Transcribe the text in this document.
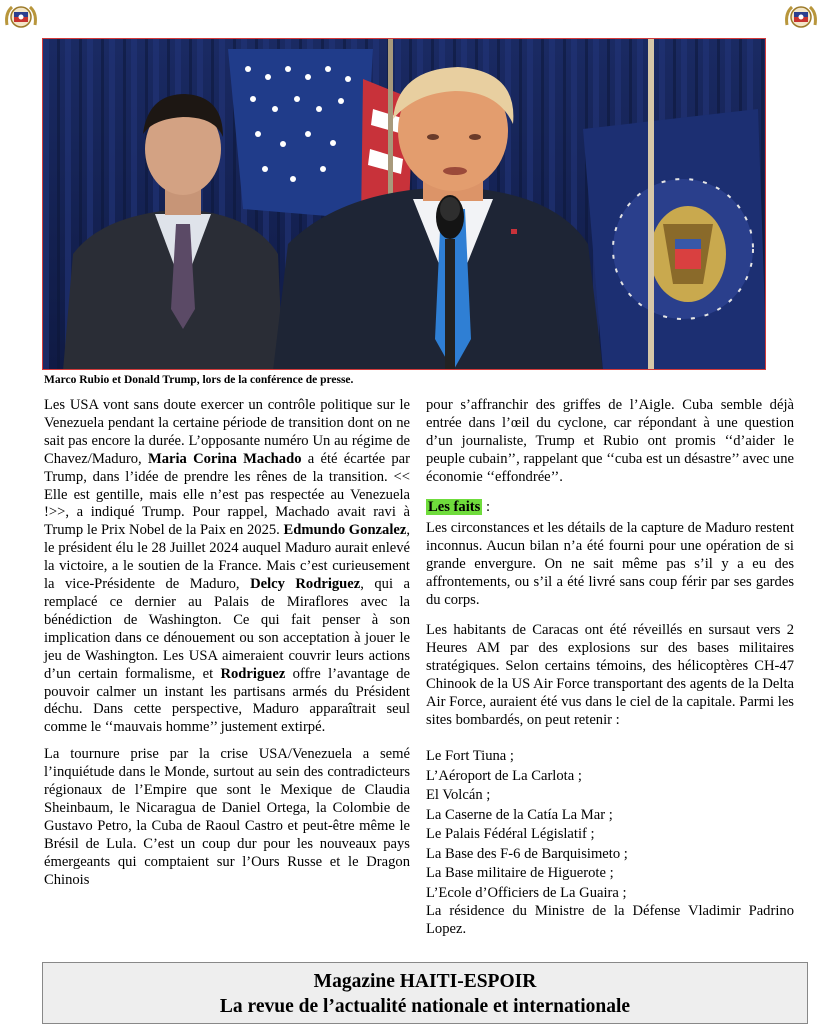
Marco Rubio et Donald Trump, lors de la conférence de presse.

Les USA vont sans doute exercer un contrôle politique sur le Venezuela pendant la certaine période de transition dont on ne sait pas encore la durée. L’opposante numéro Un au régime de Chavez/Maduro, Maria Corina Machado a été écartée par Trump, dans l’idée de prendre les rênes de la transition. << Elle est gentille, mais elle n’est pas respectée au Venezuela !>>, a indiqué Trump. Pour rappel, Machado avait ravi à Trump le Prix Nobel de la Paix en 2025. Edmundo Gonzalez, le président élu le 28 Juillet 2024 auquel Maduro aurait enlevé la victoire, a le soutien de la France. Mais c’est curieusement la vice-Présidente de Maduro, Delcy Rodriguez, qui a remplacé ce dernier au Palais de Miraflores avec la bénédiction de Washington. Ce qui fait penser à son implication dans ce dénouement ou son acceptation à jouer le jeu de Washington. Les USA aimeraient couvrir leurs actions d’un certain formalisme, et Rodriguez offre l’avantage de pouvoir calmer un instant les partisans armés du Président déchu. Dans cette perspective, Maduro apparaîtrait seul comme le ‘‘mauvais homme’’ justement extirpé.

La tournure prise par la crise USA/Venezuela a semé l’inquiétude dans le Monde, surtout au sein des contradicteurs régionaux de l’Empire que sont le Mexique de Claudia Sheinbaum, le Nicaragua de Daniel Ortega, la Colombie de Gustavo Petro, la Cuba de Raoul Castro et peut-être même le Brésil de Lula. C’est un coup dur pour les nouveaux pays émergeants qui comptaient sur l’Ours Russe et le Dragon Chinois

pour s’affranchir des griffes de l’Aigle. Cuba semble déjà entrée dans l’œil du cyclone, car répondant à une question d’un journaliste, Trump et Rubio ont promis ‘‘d’aider le peuple cubain’’, rappelant que ‘‘cuba est un désastre’’ avec une économie ‘‘effondrée’’.

Les faits :

Les circonstances et les détails de la capture de Maduro restent inconnus. Aucun bilan n’a été fourni pour une opération de si grande envergure. On ne sait même pas s’il y a eu des affrontements, ou s’il a été livré sans coup férir par ses gardes du corps.

Les habitants de Caracas ont été réveillés en sursaut vers 2 Heures AM par des explosions sur des bases militaires stratégiques. Selon certains témoins, des hélicoptères CH-47 Chinook de la US Air Force transportant des agents de la Delta Air Force, auraient été vus dans le ciel de la capitale. Parmi les sites bombardés, on peut retenir :

Le Fort Tiuna ;
L’Aéroport de La Carlota ;
El Volcán ;
La Caserne de la Catía La Mar ;
Le Palais Fédéral Législatif ;
La Base des F-6 de Barquisimeto ;
La Base militaire de Higuerote ;
L’Ecole d’Officiers de La Guaira ;
La résidence du Ministre de la Défense Vladimir Padrino Lopez.
Magazine HAITI-ESPOIR
La revue de l’actualité nationale et internationale
